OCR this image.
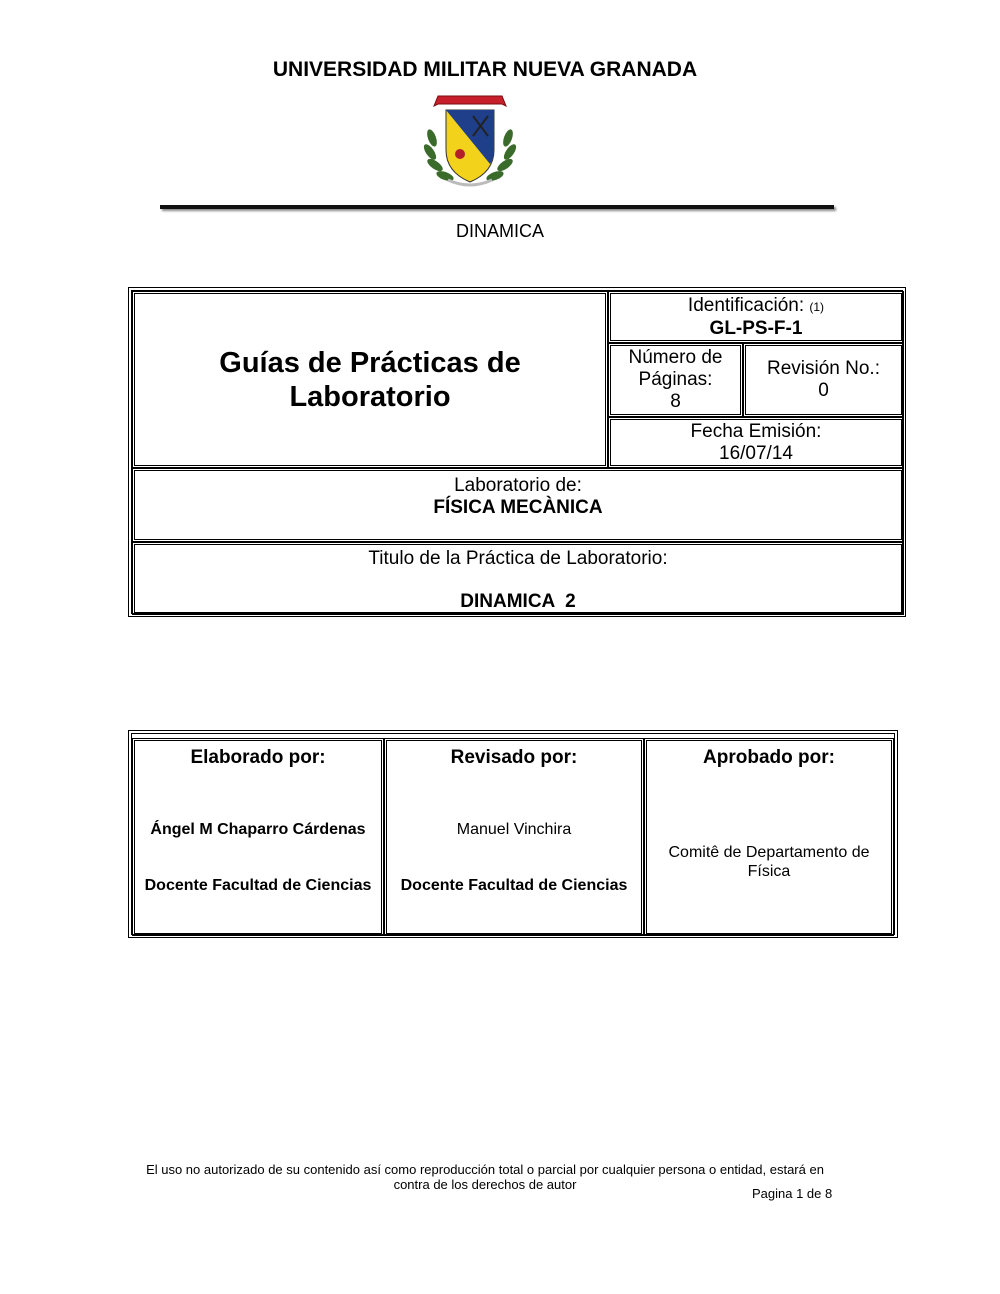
UNIVERSIDAD MILITAR NUEVA GRANADA
DINAMICA
Guías de Prácticas de
Laboratorio
Identificación: (1)
GL-PS-F-1
Número de
Páginas:
8
Revisión No.:
0
Fecha Emisión:
16/07/14
Laboratorio de:
FÍSICA MECÀNICA
Titulo de la Práctica de Laboratorio:
DINAMICA  2
Elaborado por:
Ángel M Chaparro Cárdenas
Docente Facultad de Ciencias
Revisado por:
Manuel Vinchira
Docente Facultad de Ciencias
Aprobado por:
Comitê de Departamento de
Física
El uso no autorizado de su contenido así como reproducción total o parcial por cualquier persona o entidad, estará en
contra de los derechos de autor
Pagina 1 de 8
